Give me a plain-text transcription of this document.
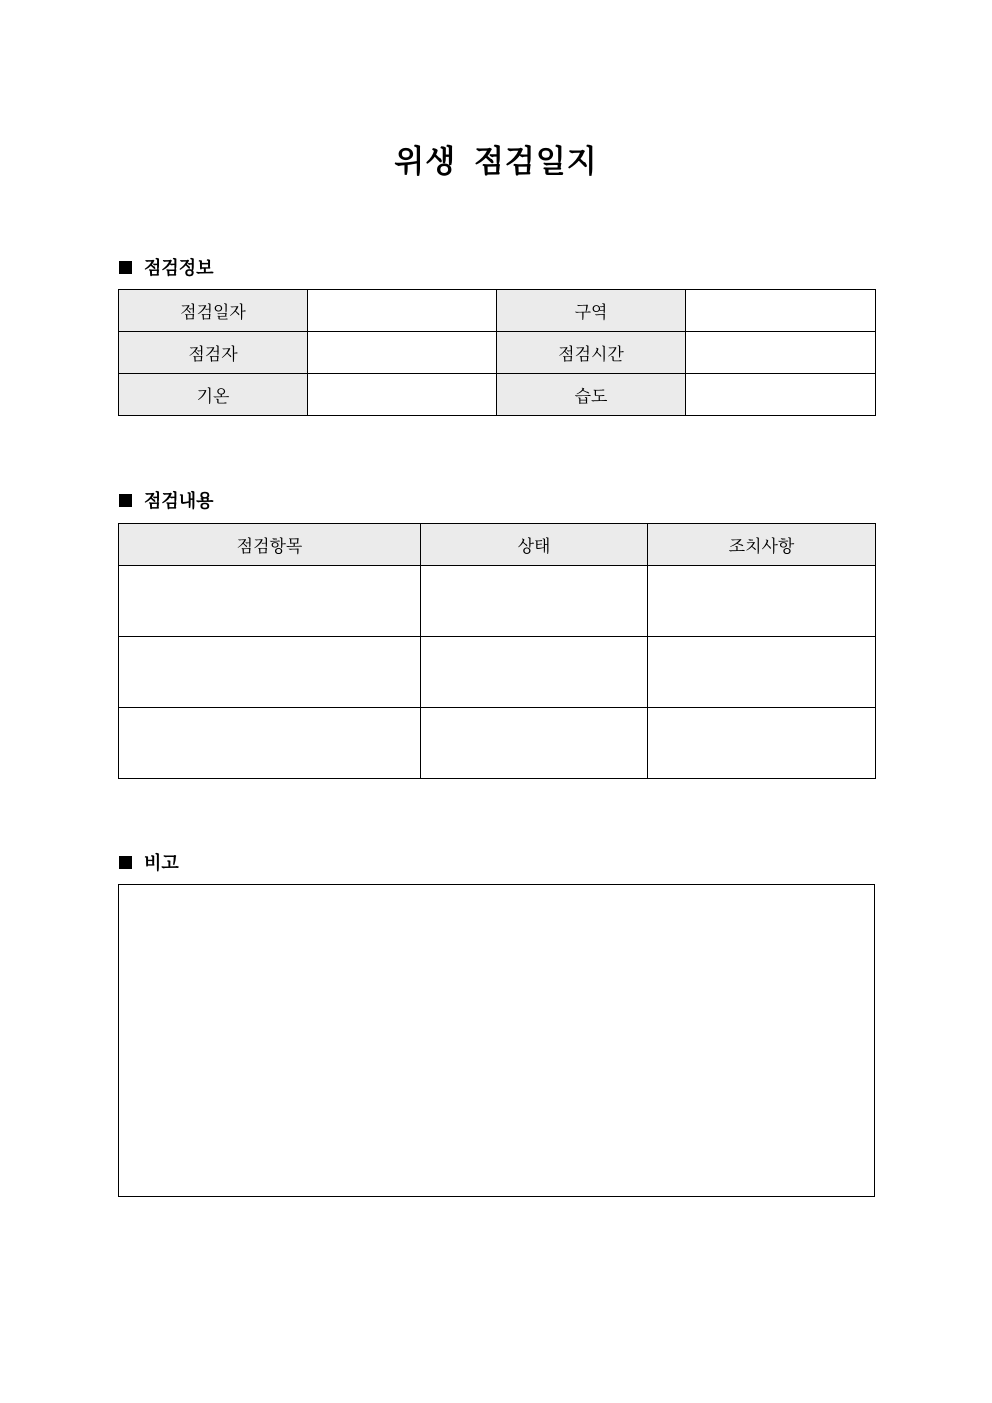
위생 점검일지
점검정보
점검일자		구역	
점검자		점검시간	
기온		습도	
점검내용
점검항목	상태	조치사항

비고
